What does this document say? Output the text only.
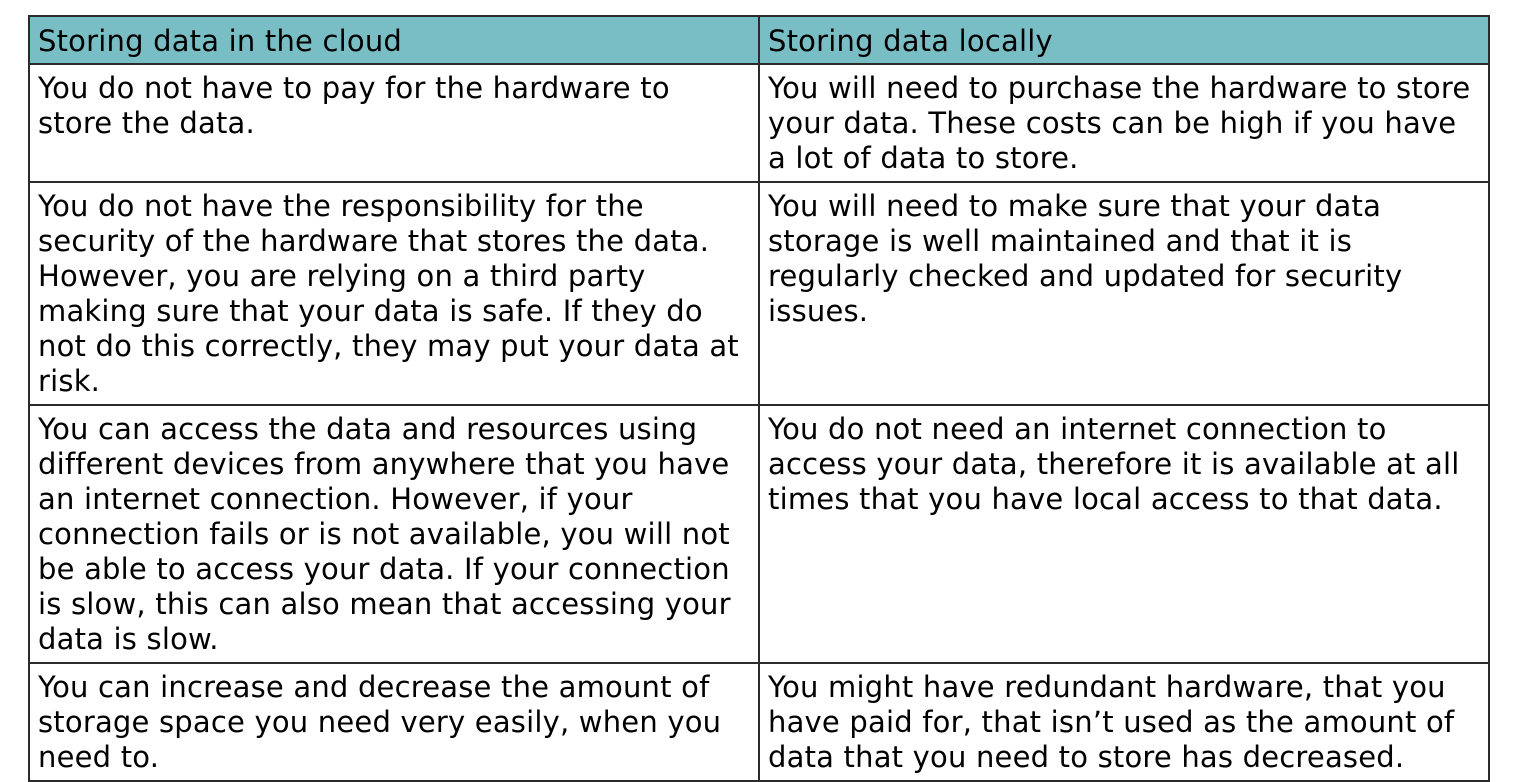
Storing data in the cloud	Storing data locally

You do not have to pay for the hardware to store the data.	You will need to purchase the hardware to store your data. These costs can be high if you have a lot of data to store.

You do not have the responsibility for the security of the hardware that stores the data. However, you are relying on a third party making sure that your data is safe. If they do not do this correctly, they may put your data at risk.	You will need to make sure that your data storage is well maintained and that it is regularly checked and updated for security issues.

You can access the data and resources using different devices from anywhere that you have an internet connection. However, if your connection fails or is not available, you will not be able to access your data. If your connection is slow, this can also mean that accessing your data is slow.	You do not need an internet connection to access your data, therefore it is available at all times that you have local access to that data.

You can increase and decrease the amount of storage space you need very easily, when you need to.	You might have redundant hardware, that you have paid for, that isn’t used as the amount of data that you need to store has decreased.
